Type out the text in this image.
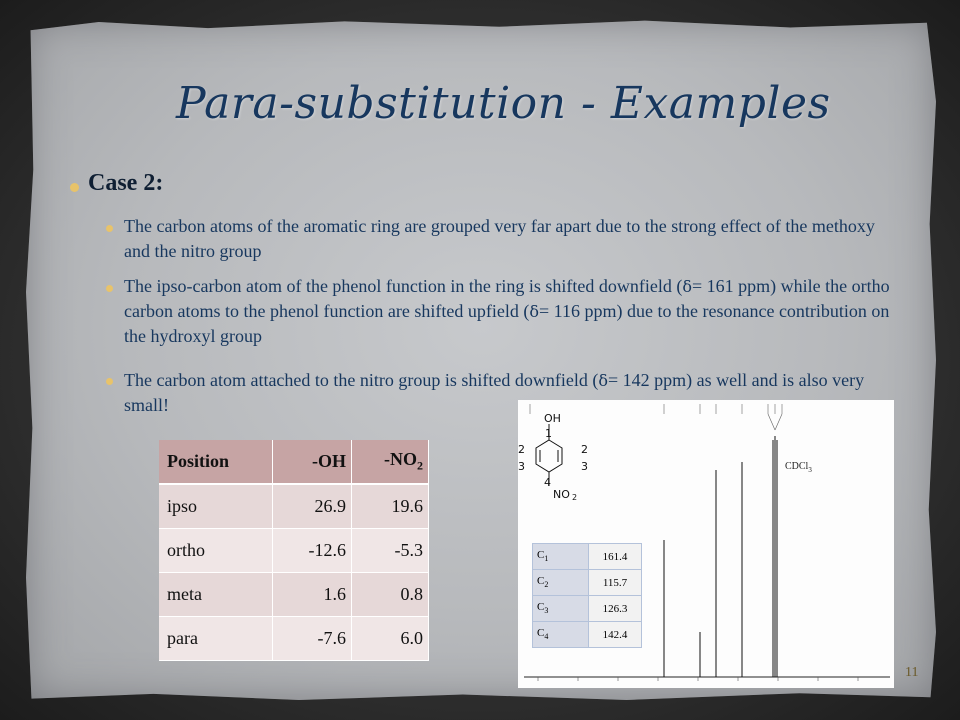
Para-substitution - Examples
Case 2:
The carbon atoms of the aromatic ring are grouped very far apart due to the strong effect of the methoxy and the nitro group
The ipso-carbon atom of the phenol function in the ring is shifted downfield (δ= 161 ppm) while the ortho carbon atoms to the phenol function are shifted upfield (δ= 116 ppm) due to the resonance contribution on the hydroxyl group
The carbon atom attached to the nitro group is shifted downfield (δ= 142 ppm) as well and is also very small!
Position	-OH	$-NO_2$
ipso	26.9	19.6
ortho	-12.6	-5.3
meta	1.6	0.8
para	-7.6	6.0
OH
1
2
3
2
3
4
NO 2
CDCl$_3$
$C_1$	161.4
$C_2$	115.7
$C_3$	126.3
$C_4$	142.4
11
